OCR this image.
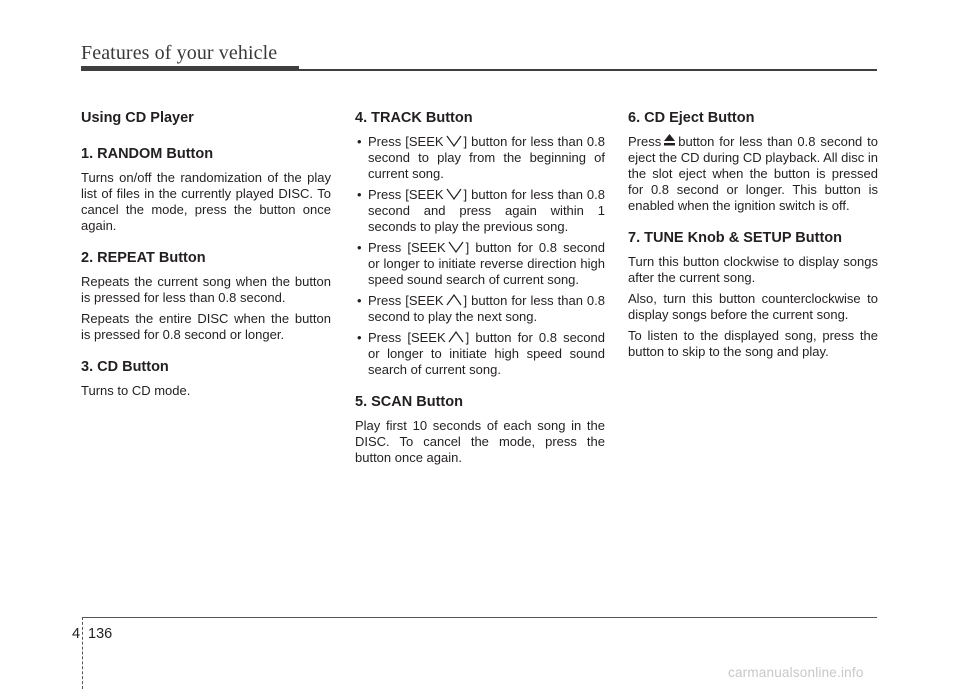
Features of your vehicle
Using CD Player
1. RANDOM Button

Turns on/off the randomization of the play list of files in the currently played DISC. To cancel the mode, press the button once again.

2. REPEAT Button

Repeats the current song when the button is pressed for less than 0.8 second.

Repeats the entire DISC when the button is pressed for 0.8 second or longer.

3. CD Button

Turns to CD mode.

4. TRACK Button
• Press [SEEK ] button for less than 0.8 second to play from the beginning of current song.
• Press [SEEK ] button for less than 0.8 second and press again within 1 seconds to play the previous song.
• Press [SEEK ] button for 0.8 second or longer to initiate reverse direction high speed sound search of current song.
• Press [SEEK ] button for less than 0.8 second to play the next song.
• Press [SEEK ] button for 0.8 second or longer to initiate high speed sound search of current song.
5. SCAN Button

Play first 10 seconds of each song in the DISC. To cancel the mode, press the button once again.

6. CD Eject Button

Press button for less than 0.8 second to eject the CD during CD playback. All disc in the slot eject when the button is pressed for 0.8 second or longer. This button is enabled when the ignition switch is off.

7. TUNE Knob & SETUP Button

Turn this button clockwise to display songs after the current song.

Also, turn this button counterclockwise to display songs before the current song.

To listen to the displayed song, press the button to skip to the song and play.

4 136
carmanualsonline.info
